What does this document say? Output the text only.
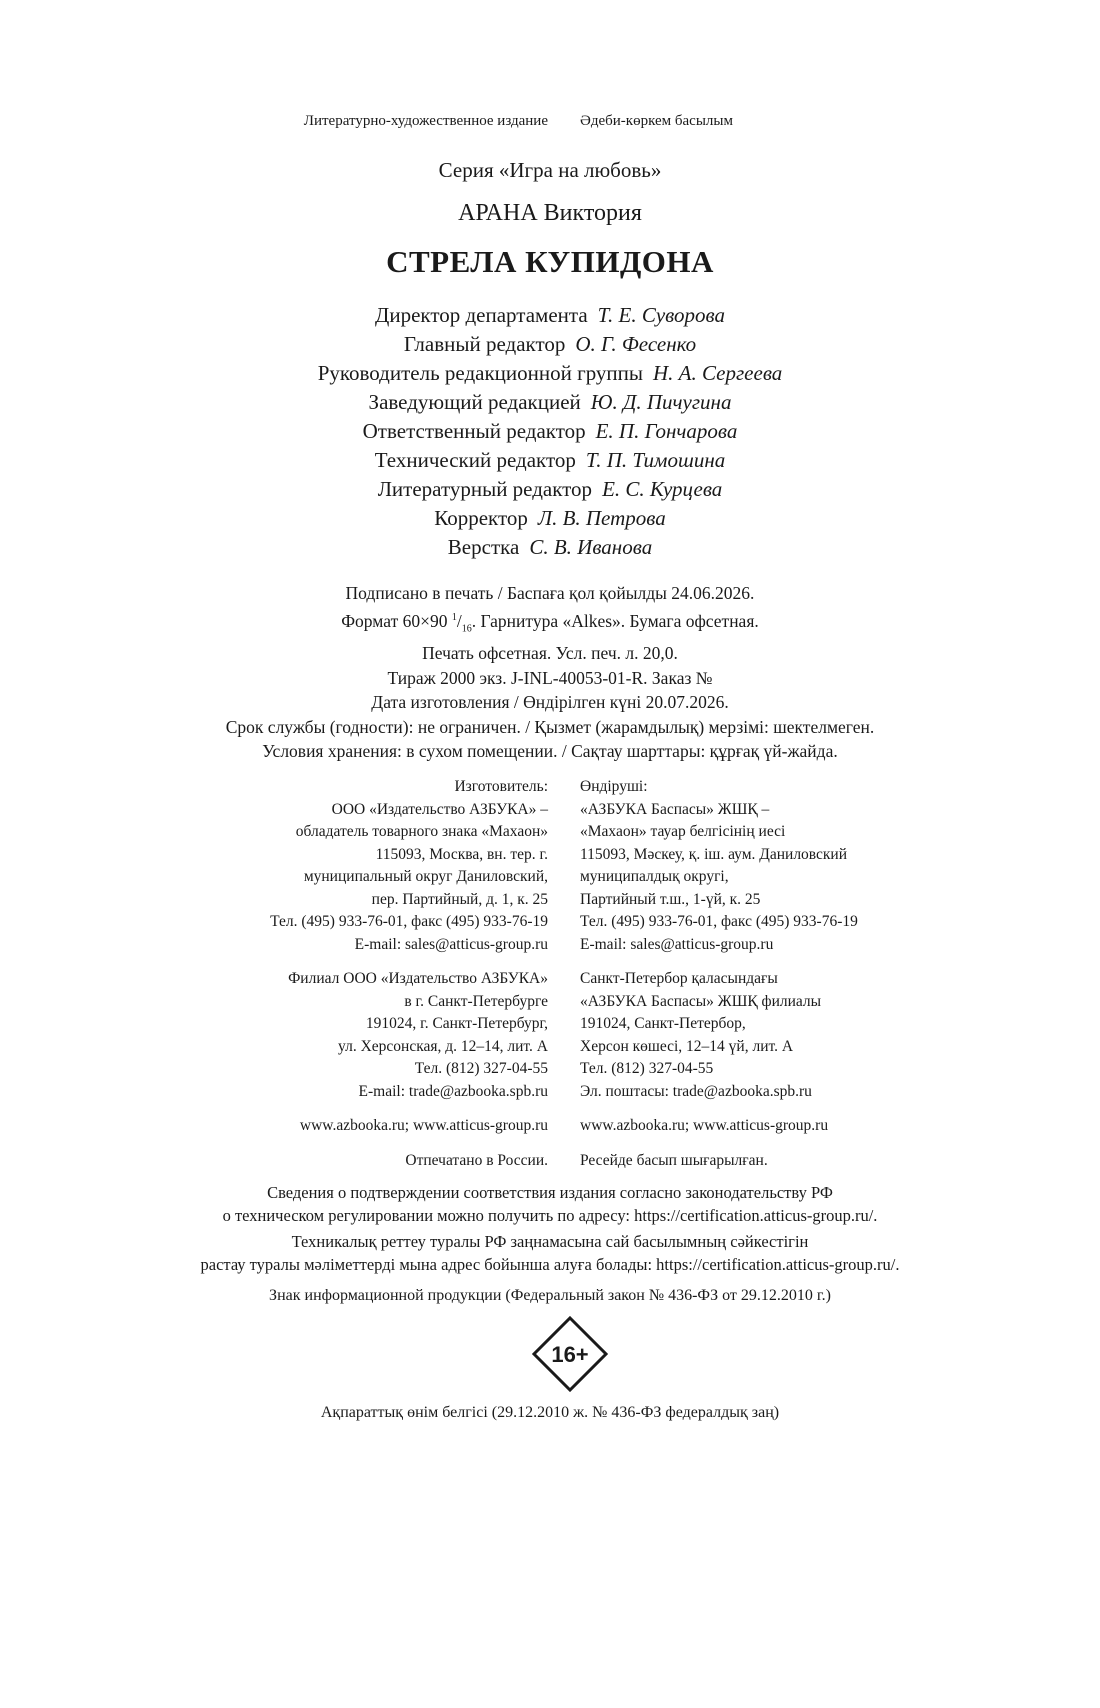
Литературно-художественное издание Әдеби-көркем басылым
Серия «Игра на любовь»
АРАНА Виктория
СТРЕЛА КУПИДОНА
Директор департамента Т. Е. Суворова
Главный редактор О. Г. Фесенко
Руководитель редакционной группы Н. А. Сергеева
Заведующий редакцией Ю. Д. Пичугина
Ответственный редактор Е. П. Гончарова
Технический редактор Т. П. Тимошина
Литературный редактор Е. С. Курцева
Корректор Л. В. Петрова
Верстка С. В. Иванова
Подписано в печать / Баспаға қол қойылды 24.06.2026.
Формат 60×90 $^1/_{16}$. Гарнитура «Alkes». Бумага офсетная.
Печать офсетная. Усл. печ. л. 20,0.
Тираж 2000 экз. J-INL-40053-01-R. Заказ №
Дата изготовления / Өндірілген күні 20.07.2026.
Срок службы (годности): не ограничен. / Қызмет (жарамдылық) мерзімі: шектелмеген.
Условия хранения: в сухом помещении. / Сақтау шарттары: құрғақ үй-жайда.
Изготовитель:
ООО «Издательство АЗБУКА» –
обладатель товарного знака «Махаон»
115093, Москва, вн. тер. г.
муниципальный округ Даниловский,
пер. Партийный, д. 1, к. 25
Тел. (495) 933-76-01, факс (495) 933-76-19
E-mail: sales@atticus-group.ru
Филиал ООО «Издательство АЗБУКА»
в г. Санкт-Петербурге
191024, г. Санкт-Петербург,
ул. Херсонская, д. 12–14, лит. А
Тел. (812) 327-04-55
E-mail: trade@azbooka.spb.ru
www.azbooka.ru; www.atticus-group.ru
Отпечатано в России.
Өндіруші:
«АЗБУКА Баспасы» ЖШҚ –
«Махаон» тауар белгісінің иесі
115093, Мәскеу, қ. іш. аум. Даниловский
муниципалдық округі,
Партийный т.ш., 1-үй, к. 25
Тел. (495) 933-76-01, факс (495) 933-76-19
E-mail: sales@atticus-group.ru
Санкт-Петербор қаласындағы
«АЗБУКА Баспасы» ЖШҚ филиалы
191024, Санкт-Петербор,
Херсон көшесі, 12–14 үй, лит. А
Тел. (812) 327-04-55
Эл. поштасы: trade@azbooka.spb.ru
www.azbooka.ru; www.atticus-group.ru
Ресейде басып шығарылған.

Сведения о подтверждении соответствия издания согласно законодательству РФ
о техническом регулировании можно получить по адресу: https://certification.atticus-group.ru/.

Техникалық реттеу туралы РФ заңнамасына сай басылымның сәйкестігін
растау туралы мәліметтерді мына адрес бойынша алуға болады: https://certification.atticus-group.ru/.

Знак информационной продукции (Федеральный закон № 436-ФЗ от 29.12.2010 г.)
16+
Ақпараттық өнім белгісі (29.12.2010 ж. № 436-ФЗ федералдық заң)
